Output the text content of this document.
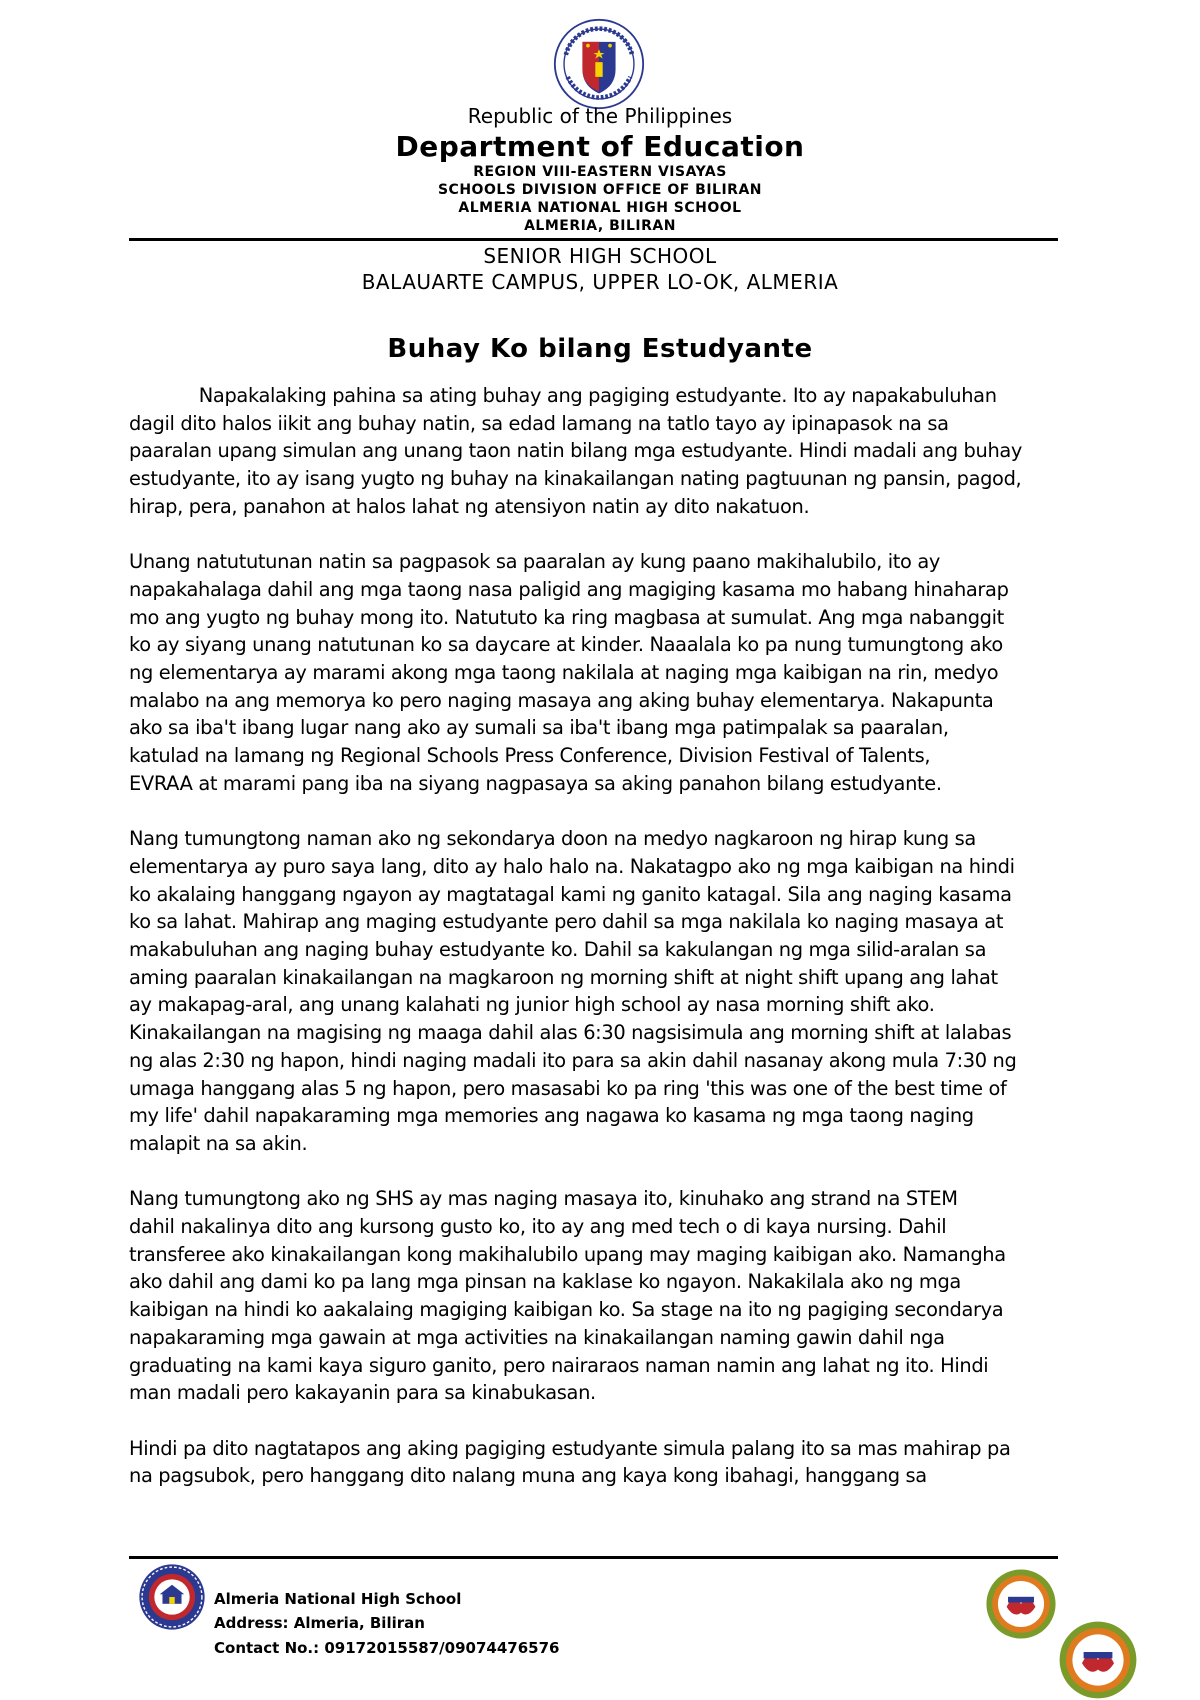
Republic of the Philippines
Department of Education
REGION VIII-EASTERN VISAYAS
SCHOOLS DIVISION OFFICE OF BILIRAN
ALMERIA NATIONAL HIGH SCHOOL
ALMERIA, BILIRAN
SENIOR HIGH SCHOOL
BALAUARTE CAMPUS, UPPER LO-OK, ALMERIA
Buhay Ko bilang Estudyante

Napakalaking pahina sa ating buhay ang pagiging estudyante. Ito ay napakabuluhan
dagil dito halos iikit ang buhay natin, sa edad lamang na tatlo tayo ay ipinapasok na sa
paaralan upang simulan ang unang taon natin bilang mga estudyante. Hindi madali ang buhay
estudyante, ito ay isang yugto ng buhay na kinakailangan nating pagtuunan ng pansin, pagod,
hirap, pera, panahon at halos lahat ng atensiyon natin ay dito nakatuon.

Unang natututunan natin sa pagpasok sa paaralan ay kung paano makihalubilo, ito ay
napakahalaga dahil ang mga taong nasa paligid ang magiging kasama mo habang hinaharap
mo ang yugto ng buhay mong ito. Natututo ka ring magbasa at sumulat. Ang mga nabanggit
ko ay siyang unang natutunan ko sa daycare at kinder. Naaalala ko pa nung tumungtong ako
ng elementarya ay marami akong mga taong nakilala at naging mga kaibigan na rin, medyo
malabo na ang memorya ko pero naging masaya ang aking buhay elementarya. Nakapunta
ako sa iba't ibang lugar nang ako ay sumali sa iba't ibang mga patimpalak sa paaralan,
katulad na lamang ng Regional Schools Press Conference, Division Festival of Talents,
EVRAA at marami pang iba na siyang nagpasaya sa aking panahon bilang estudyante.

Nang tumungtong naman ako ng sekondarya doon na medyo nagkaroon ng hirap kung sa
elementarya ay puro saya lang, dito ay halo halo na. Nakatagpo ako ng mga kaibigan na hindi
ko akalaing hanggang ngayon ay magtatagal kami ng ganito katagal. Sila ang naging kasama
ko sa lahat. Mahirap ang maging estudyante pero dahil sa mga nakilala ko naging masaya at
makabuluhan ang naging buhay estudyante ko. Dahil sa kakulangan ng mga silid-aralan sa
aming paaralan kinakailangan na magkaroon ng morning shift at night shift upang ang lahat
ay makapag-aral, ang unang kalahati ng junior high school ay nasa morning shift ako.
Kinakailangan na magising ng maaga dahil alas 6:30 nagsisimula ang morning shift at lalabas
ng alas 2:30 ng hapon, hindi naging madali ito para sa akin dahil nasanay akong mula 7:30 ng
umaga hanggang alas 5 ng hapon, pero masasabi ko pa ring 'this was one of the best time of
my life' dahil napakaraming mga memories ang nagawa ko kasama ng mga taong naging
malapit na sa akin.

Nang tumungtong ako ng SHS ay mas naging masaya ito, kinuhako ang strand na STEM
dahil nakalinya dito ang kursong gusto ko, ito ay ang med tech o di kaya nursing. Dahil
transferee ako kinakailangan kong makihalubilo upang may maging kaibigan ako. Namangha
ako dahil ang dami ko pa lang mga pinsan na kaklase ko ngayon. Nakakilala ako ng mga
kaibigan na hindi ko aakalaing magiging kaibigan ko. Sa stage na ito ng pagiging secondarya
napakaraming mga gawain at mga activities na kinakailangan naming gawin dahil nga
graduating na kami kaya siguro ganito, pero nairaraos naman namin ang lahat ng ito. Hindi
man madali pero kakayanin para sa kinabukasan.

Hindi pa dito nagtatapos ang aking pagiging estudyante simula palang ito sa mas mahirap pa
na pagsubok, pero hanggang dito nalang muna ang kaya kong ibahagi, hanggang sa

Almeria National High School
Address: Almeria, Biliran
Contact No.: 09172015587/09074476576
